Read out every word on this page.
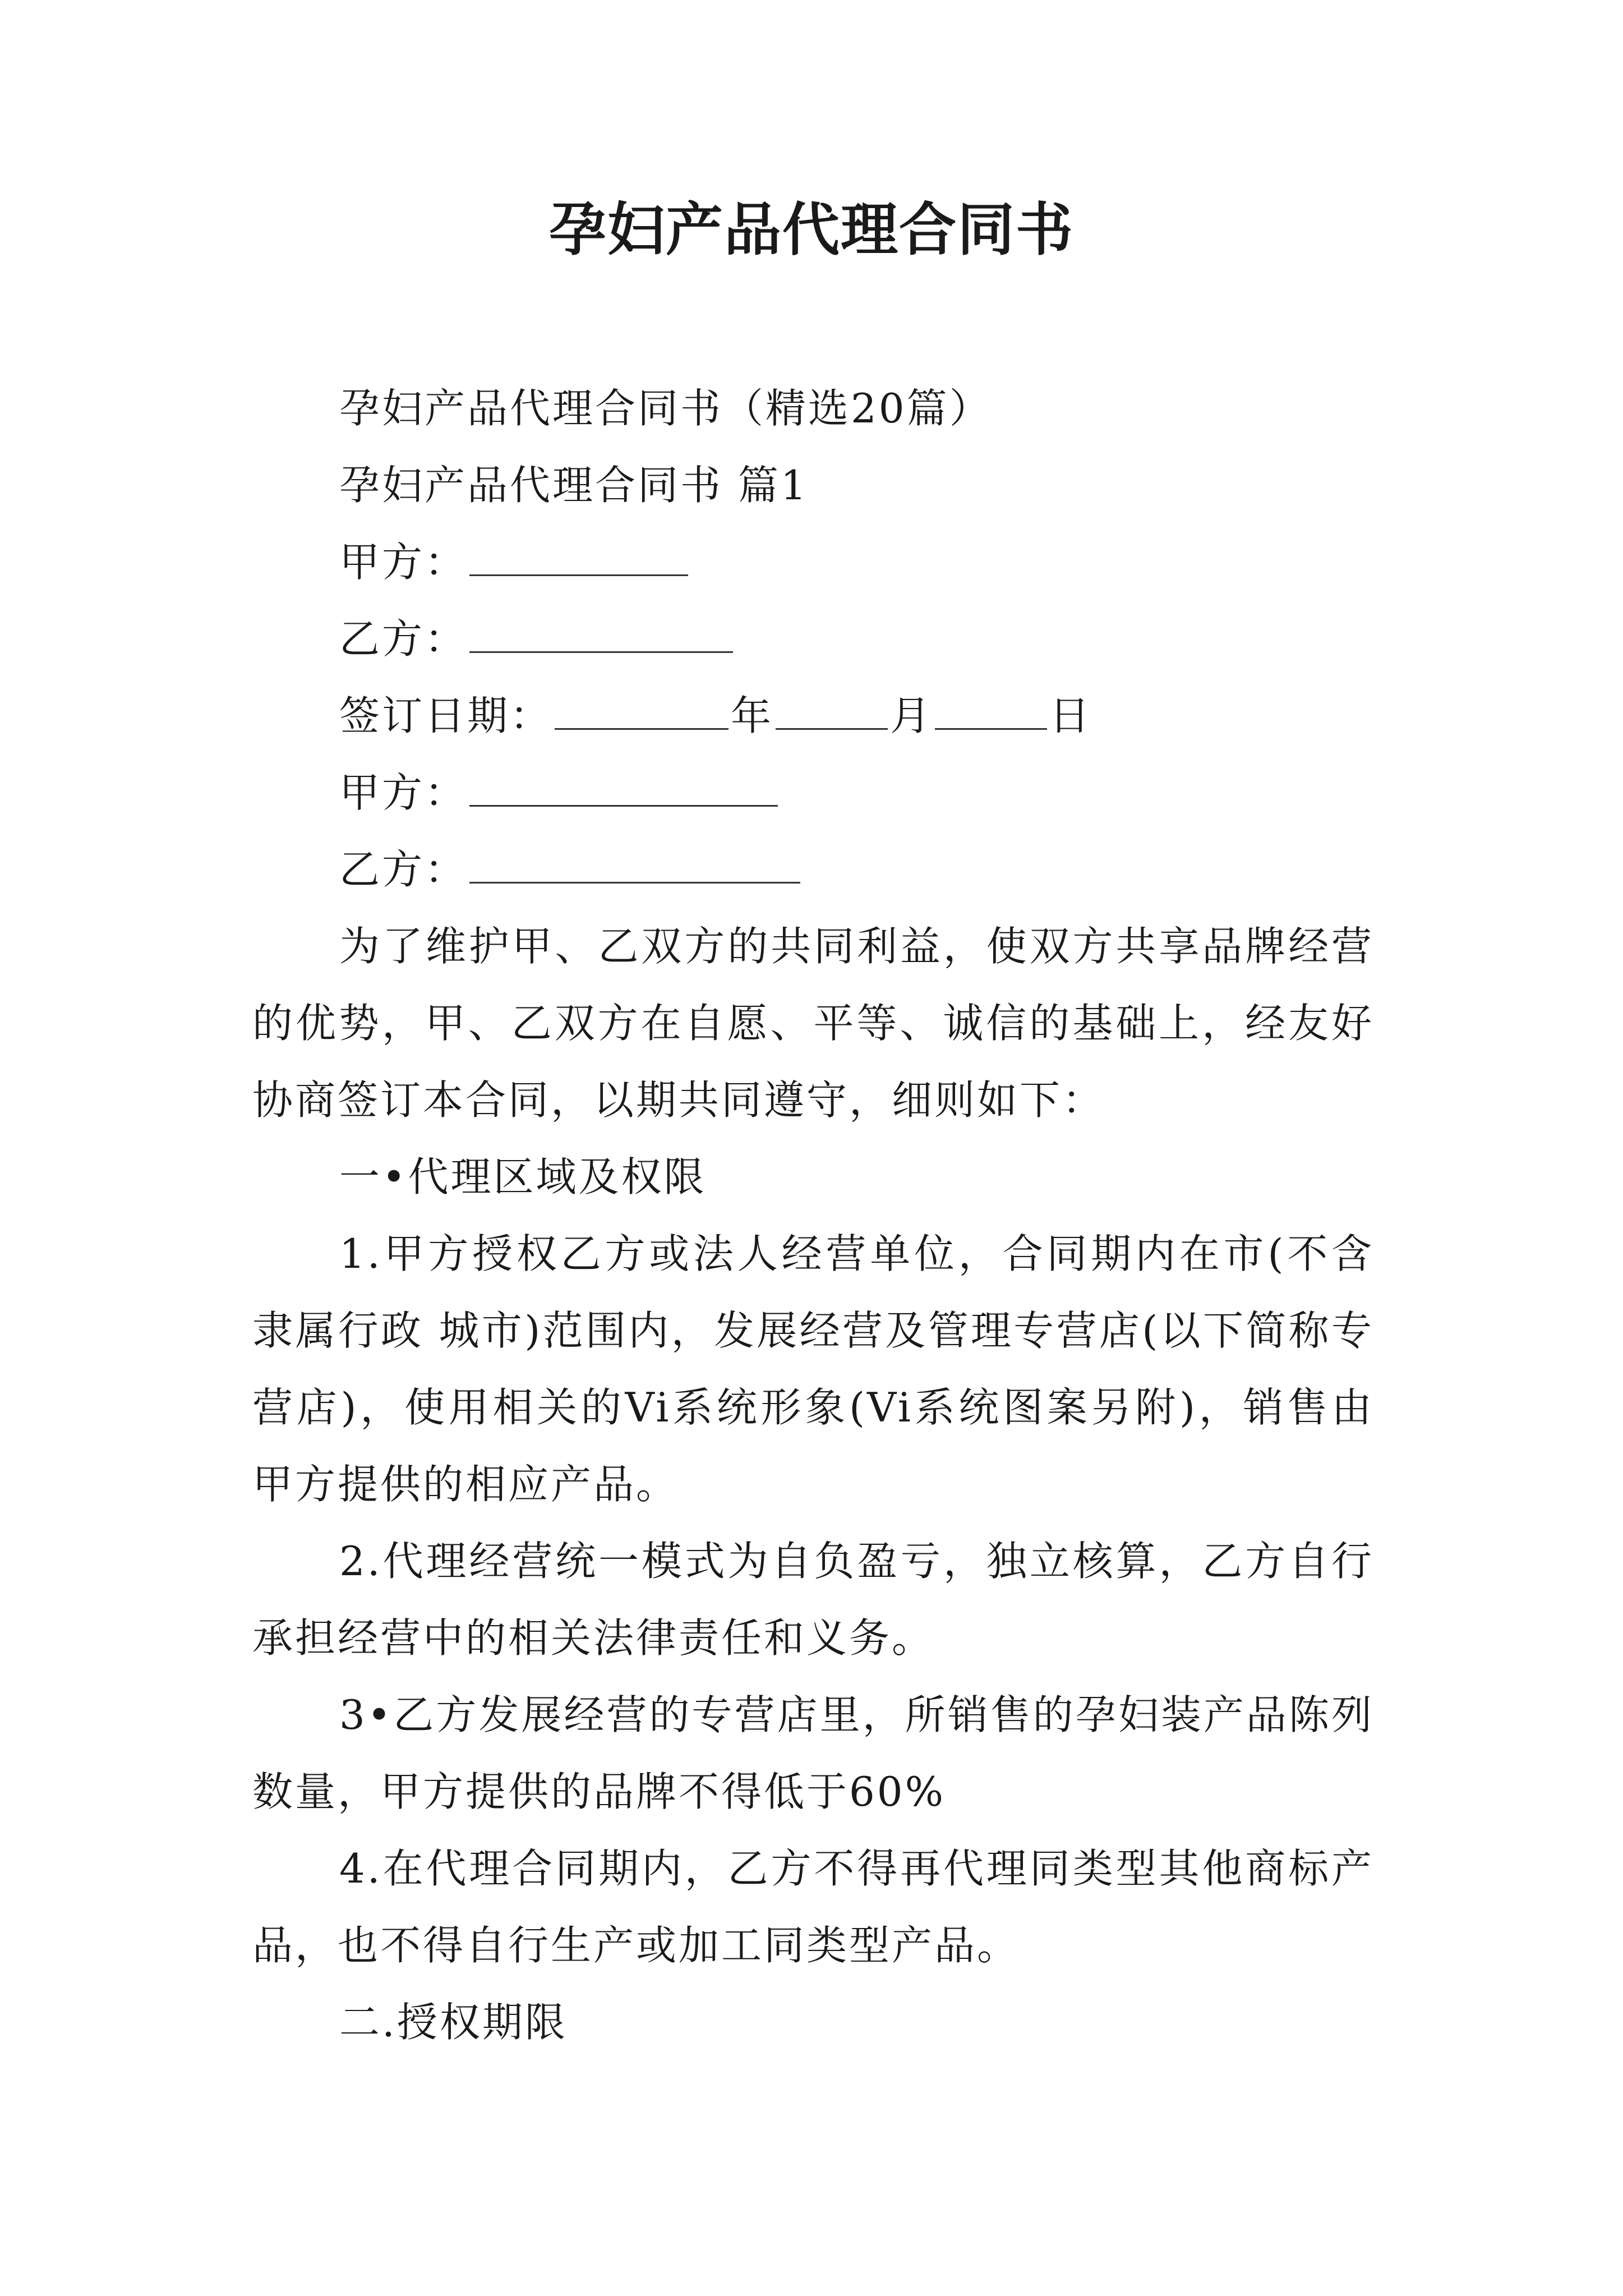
孕妇产品代理合同书

孕妇产品代理合同书（精选20篇）

孕妇产品代理合同书 篇1

甲方：

乙方：

签订日期：	年	月	日

甲方：

乙方：

为了维护甲、乙双方的共同利益，使双方共享品牌经营的优势，甲、乙双方在自愿、平等、诚信的基础上，经友好协商签订本合同，以期共同遵守，细则如下：

一•代理区域及权限

1.甲方授权乙方或法人经营单位，合同期内在市(不含隶属行政 城市)范围内，发展经营及管理专营店(以下简称专营店)，使用相关的Vi系统形象(Vi系统图案另附)，销售由甲方提供的相应产品。

2.代理经营统一模式为自负盈亏，独立核算，乙方自行承担经营中的相关法律责任和义务。

3•乙方发展经营的专营店里，所销售的孕妇装产品陈列数量，甲方提供的品牌不得低于60%

4.在代理合同期内，乙方不得再代理同类型其他商标产品，也不得自行生产或加工同类型产品。

二.授权期限
